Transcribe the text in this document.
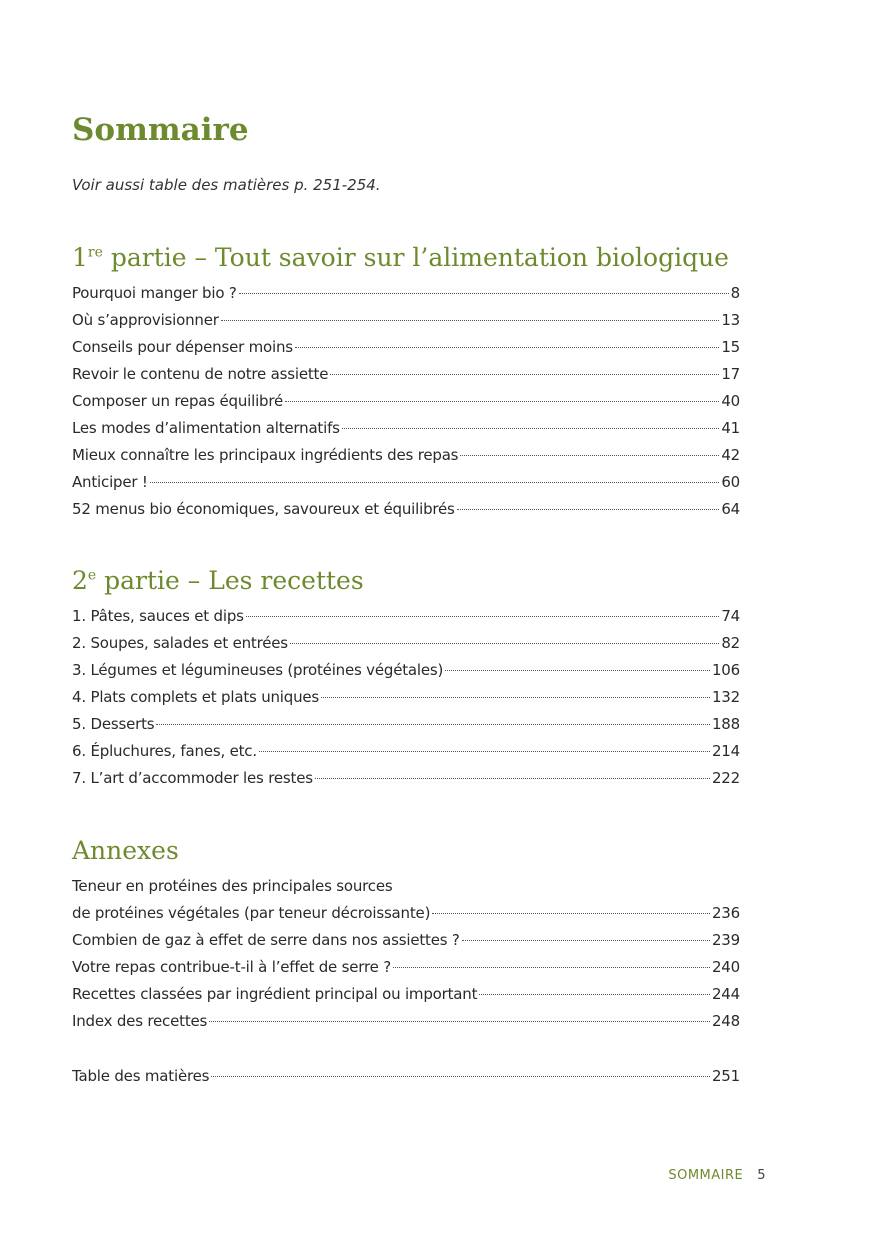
Sommaire

Voir aussi table des matières p. 251-254.

1re partie – Tout savoir sur l’alimentation biologique
Pourquoi manger bio ?	8
Où s’approvisionner	13
Conseils pour dépenser moins	15
Revoir le contenu de notre assiette	17
Composer un repas équilibré	40
Les modes d’alimentation alternatifs	41
Mieux connaître les principaux ingrédients des repas	42
Anticiper !	60
52 menus bio économiques, savoureux et équilibrés	64
2e partie – Les recettes
1. Pâtes, sauces et dips	74
2. Soupes, salades et entrées	82
3. Légumes et légumineuses (protéines végétales)	106
4. Plats complets et plats uniques	132
5. Desserts	188
6. Épluchures, fanes, etc.	214
7. L’art d’accommoder les restes	222
Annexes
Teneur en protéines des principales sources
de protéines végétales (par teneur décroissante)	236
Combien de gaz à effet de serre dans nos assiettes ?	239
Votre repas contribue-t-il à l’effet de serre ?	240
Recettes classées par ingrédient principal ou important	244
Index des recettes	248
Table des matières	251
SOMMAIRE 5
